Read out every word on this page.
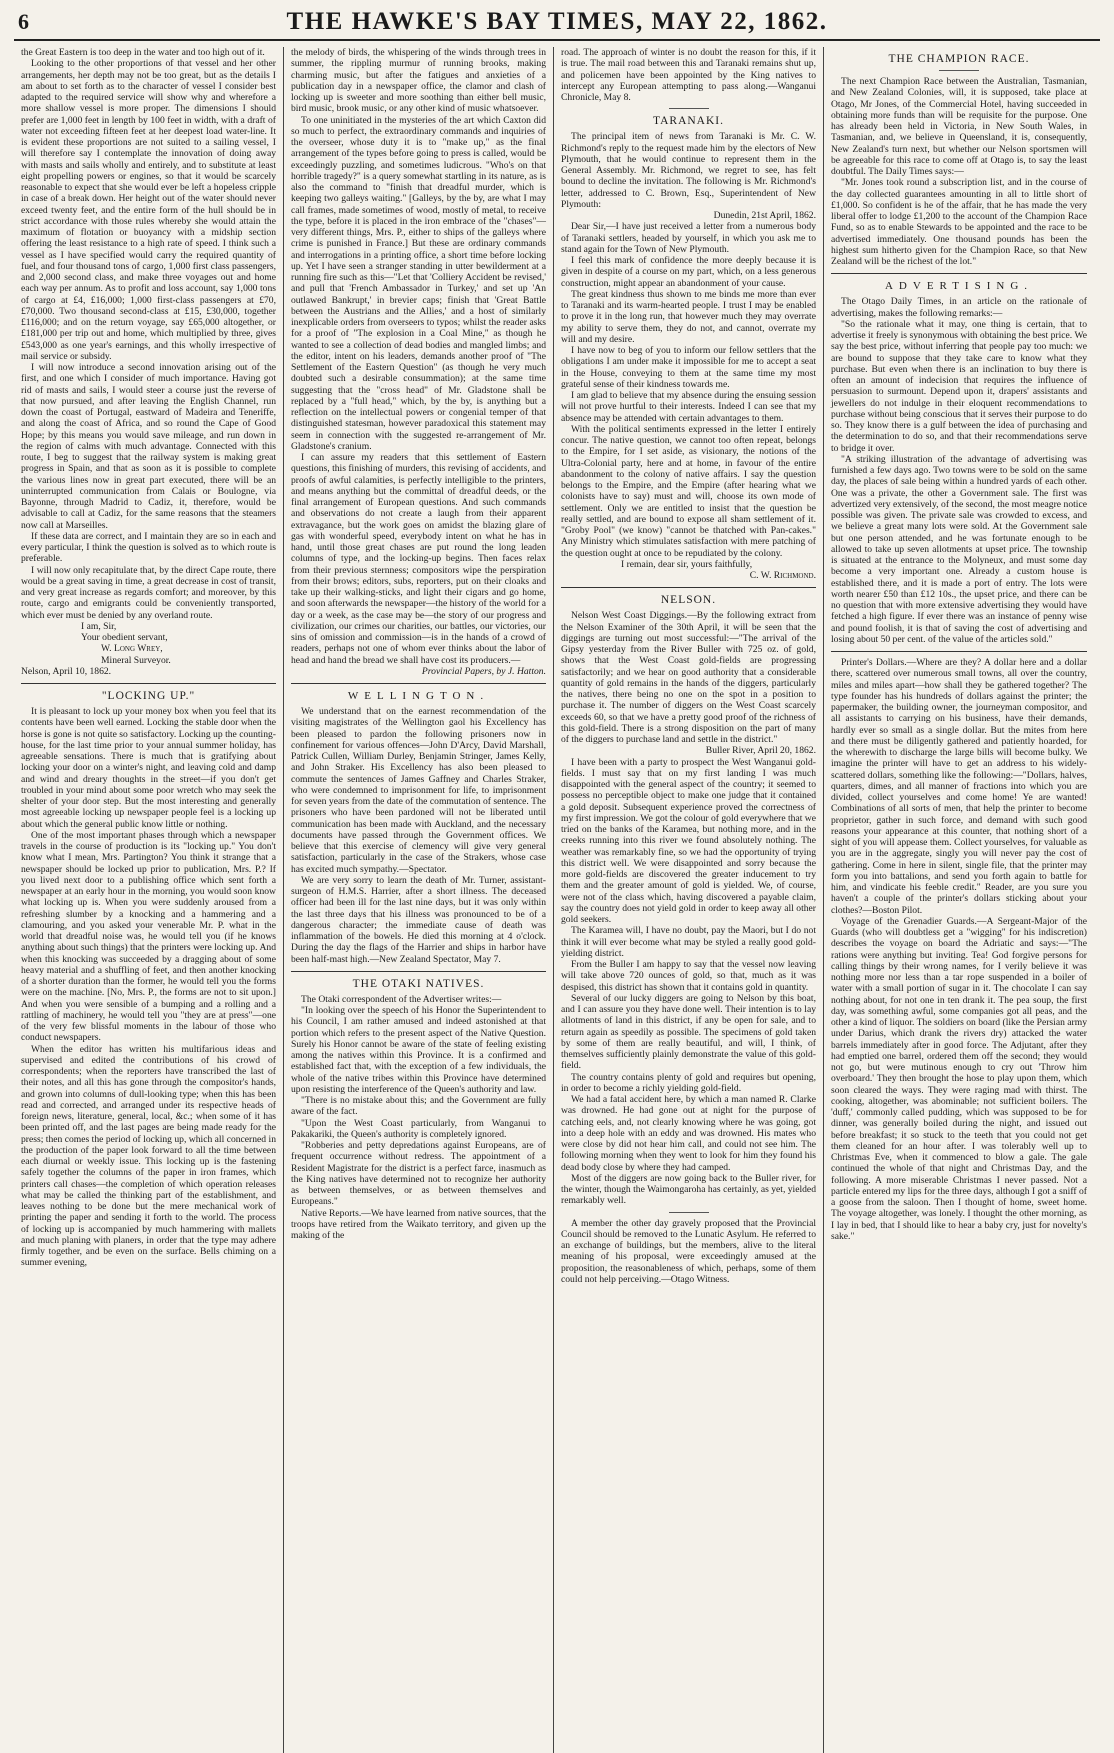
6	THE HAWKE'S BAY TIMES, MAY 22, 1862.

the Great Eastern is too deep in the water and too high out of it.

Looking to the other proportions of that vessel and her other arrangements, her depth may not be too great, but as the details I am about to set forth as to the character of vessel I consider best adapted to the required service will show why and wherefore a more shallow vessel is more proper. The dimensions I should prefer are 1,000 feet in length by 100 feet in width, with a draft of water not exceeding fifteen feet at her deepest load water-line. It is evident these proportions are not suited to a sailing vessel, I will therefore say I contemplate the innovation of doing away with masts and sails wholly and entirely, and to substitute at least eight propelling powers or engines, so that it would be scarcely reasonable to expect that she would ever be left a hopeless cripple in case of a break down. Her height out of the water should never exceed twenty feet, and the entire form of the hull should be in strict accordance with those rules whereby she would attain the maximum of flotation or buoyancy with a midship section offering the least resistance to a high rate of speed. I think such a vessel as I have specified would carry the required quantity of fuel, and four thousand tons of cargo, 1,000 first class passengers, and 2,000 second class, and make three voyages out and home each way per annum. As to profit and loss account, say 1,000 tons of cargo at £4, £16,000; 1,000 first-class passengers at £70, £70,000. Two thousand second-class at £15, £30,000, together £116,000; and on the return voyage, say £65,000 altogether, or £181,000 per trip out and home, which multiplied by three, gives £543,000 as one year's earnings, and this wholly irrespective of mail service or subsidy.

I will now introduce a second innovation arising out of the first, and one which I consider of much importance. Having got rid of masts and sails, I would steer a course just the reverse of that now pursued, and after leaving the English Channel, run down the coast of Portugal, eastward of Madeira and Teneriffe, and along the coast of Africa, and so round the Cape of Good Hope; by this means you would save mileage, and run down in the region of calms with much advantage. Connected with this route, I beg to suggest that the railway system is making great progress in Spain, and that as soon as it is possible to complete the various lines now in great part executed, there will be an uninterrupted communication from Calais or Boulogne, via Bayonne, through Madrid to Cadiz, it, therefore, would be advisable to call at Cadiz, for the same reasons that the steamers now call at Marseilles.

If these data are correct, and I maintain they are so in each and every particular, I think the question is solved as to which route is preferable.

I will now only recapitulate that, by the direct Cape route, there would be a great saving in time, a great decrease in cost of transit, and very great increase as regards comfort; and moreover, by this route, cargo and emigrants could be conveniently transported, which ever must be denied by any overland route.

I am, Sir,

Your obedient servant,

W. Long Wrey,

Mineral Surveyor.

Nelson, April 10, 1862.

"LOCKING UP."

It is pleasant to lock up your money box when you feel that its contents have been well earned. Locking the stable door when the horse is gone is not quite so satisfactory. Locking up the counting-house, for the last time prior to your annual summer holiday, has agreeable sensations. There is much that is gratifying about locking your door on a winter's night, and leaving cold and damp and wind and dreary thoughts in the street—if you don't get troubled in your mind about some poor wretch who may seek the shelter of your door step. But the most interesting and generally most agreeable locking up newspaper people feel is a locking up about which the general public know little or nothing.

One of the most important phases through which a newspaper travels in the course of production is its "locking up." You don't know what I mean, Mrs. Partington? You think it strange that a newspaper should be locked up prior to publication, Mrs. P.? If you lived next door to a publishing office which sent forth a newspaper at an early hour in the morning, you would soon know what locking up is. When you were suddenly aroused from a refreshing slumber by a knocking and a hammering and a clamouring, and you asked your venerable Mr. P. what in the world that dreadful noise was, he would tell you (if he knows anything about such things) that the printers were locking up. And when this knocking was succeeded by a dragging about of some heavy material and a shuffling of feet, and then another knocking of a shorter duration than the former, he would tell you the forms were on the machine. [No, Mrs. P., the forms are not to sit upon.] And when you were sensible of a bumping and a rolling and a rattling of machinery, he would tell you "they are at press"—one of the very few blissful moments in the labour of those who conduct newspapers.

When the editor has written his multifarious ideas and supervised and edited the contributions of his crowd of correspondents; when the reporters have transcribed the last of their notes, and all this has gone through the compositor's hands, and grown into columns of dull-looking type; when this has been read and corrected, and arranged under its respective heads of foreign news, literature, general, local, &c.; when some of it has been printed off, and the last pages are being made ready for the press; then comes the period of locking up, which all concerned in the production of the paper look forward to all the time between each diurnal or weekly issue. This locking up is the fastening safely together the columns of the paper in iron frames, which printers call chases—the completion of which operation releases what may be called the thinking part of the establishment, and leaves nothing to be done but the mere mechanical work of printing the paper and sending it forth to the world. The process of locking up is accompanied by much hammering with mallets and much planing with planers, in order that the type may adhere firmly together, and be even on the surface. Bells chiming on a summer evening,

the melody of birds, the whispering of the winds through trees in summer, the rippling murmur of running brooks, making charming music, but after the fatigues and anxieties of a publication day in a newspaper office, the clamor and clash of locking up is sweeter and more soothing than either bell music, bird music, brook music, or any other kind of music whatsoever.

To one uninitiated in the mysteries of the art which Caxton did so much to perfect, the extraordinary commands and inquiries of the overseer, whose duty it is to "make up," as the final arrangement of the types before going to press is called, would be exceedingly puzzling, and sometimes ludicrous. "Who's on that horrible tragedy?" is a query somewhat startling in its nature, as is also the command to "finish that dreadful murder, which is keeping two galleys waiting." [Galleys, by the by, are what I may call frames, made sometimes of wood, mostly of metal, to receive the type, before it is placed in the iron embrace of the "chases"—very different things, Mrs. P., either to ships of the galleys where crime is punished in France.] But these are ordinary commands and interrogations in a printing office, a short time before locking up. Yet I have seen a stranger standing in utter bewilderment at a running fire such as this—"Let that 'Colliery Accident be revised,' and pull that 'French Ambassador in Turkey,' and set up 'An outlawed Bankrupt,' in brevier caps; finish that 'Great Battle between the Austrians and the Allies,' and a host of similarly inexplicable orders from overseers to typos; whilst the reader asks for a proof of "The explosion in a Coal Mine," as though he wanted to see a collection of dead bodies and mangled limbs; and the editor, intent on his leaders, demands another proof of "The Settlement of the Eastern Question" (as though he very much doubted such a desirable consummation); at the same time suggesting that the "cross head" of Mr. Gladstone shall be replaced by a "full head," which, by the by, is anything but a reflection on the intellectual powers or congenial temper of that distinguished statesman, however paradoxical this statement may seem in connection with the suggested re-arrangement of Mr. Gladstone's cranium.

I can assure my readers that this settlement of Eastern questions, this finishing of murders, this revising of accidents, and proofs of awful calamities, is perfectly intelligible to the printers, and means anything but the committal of dreadful deeds, or the final arrangement of European questions. And such commands and observations do not create a laugh from their apparent extravagance, but the work goes on amidst the blazing glare of gas with wonderful speed, everybody intent on what he has in hand, until those great chases are put round the long leaden columns of type, and the locking-up begins. Then faces relax from their previous sternness; compositors wipe the perspiration from their brows; editors, subs, reporters, put on their cloaks and take up their walking-sticks, and light their cigars and go home, and soon afterwards the newspaper—the history of the world for a day or a week, as the case may be—the story of our progress and civilization, our crimes our charities, our battles, our victories, our sins of omission and commission—is in the hands of a crowd of readers, perhaps not one of whom ever thinks about the labor of head and hand the bread we shall have cost its producers.—

Provincial Papers, by J. Hatton.

WELLINGTON.

We understand that on the earnest recommendation of the visiting magistrates of the Wellington gaol his Excellency has been pleased to pardon the following prisoners now in confinement for various offences—John D'Arcy, David Marshall, Patrick Cullen, William Durley, Benjamin Stringer, James Kelly, and John Straker. His Excellency has also been pleased to commute the sentences of James Gaffney and Charles Straker, who were condemned to imprisonment for life, to imprisonment for seven years from the date of the commutation of sentence. The prisoners who have been pardoned will not be liberated until communication has been made with Auckland, and the necessary documents have passed through the Government offices. We believe that this exercise of clemency will give very general satisfaction, particularly in the case of the Strakers, whose case has excited much sympathy.—Spectator.

We are very sorry to learn the death of Mr. Turner, assistant-surgeon of H.M.S. Harrier, after a short illness. The deceased officer had been ill for the last nine days, but it was only within the last three days that his illness was pronounced to be of a dangerous character; the immediate cause of death was inflammation of the bowels. He died this morning at 4 o'clock. During the day the flags of the Harrier and ships in harbor have been half-mast high.—New Zealand Spectator, May 7.

THE OTAKI NATIVES.

The Otaki correspondent of the Advertiser writes:—

"In looking over the speech of his Honor the Superintendent to his Council, I am rather amused and indeed astonished at that portion which refers to the present aspect of the Native Question. Surely his Honor cannot be aware of the state of feeling existing among the natives within this Province. It is a confirmed and established fact that, with the exception of a few individuals, the whole of the native tribes within this Province have determined upon resisting the interference of the Queen's authority and law.

"There is no mistake about this; and the Government are fully aware of the fact.

"Upon the West Coast particularly, from Wanganui to Pakakariki, the Queen's authority is completely ignored.

"Robberies and petty depredations against Europeans, are of frequent occurrence without redress. The appointment of a Resident Magistrate for the district is a perfect farce, inasmuch as the King natives have determined not to recognize her authority as between themselves, or as between themselves and Europeans."

Native Reports.—We have learned from native sources, that the troops have retired from the Waikato territory, and given up the making of the

road. The approach of winter is no doubt the reason for this, if it is true. The mail road between this and Taranaki remains shut up, and policemen have been appointed by the King natives to intercept any European attempting to pass along.—Wanganui Chronicle, May 8.

TARANAKI.

The principal item of news from Taranaki is Mr. C. W. Richmond's reply to the request made him by the electors of New Plymouth, that he would continue to represent them in the General Assembly. Mr. Richmond, we regret to see, has felt bound to decline the invitation. The following is Mr. Richmond's letter, addressed to C. Brown, Esq., Superintendent of New Plymouth:

Dunedin, 21st April, 1862.

Dear Sir,—I have just received a letter from a numerous body of Taranaki settlers, headed by yourself, in which you ask me to stand again for the Town of New Plymouth.

I feel this mark of confidence the more deeply because it is given in despite of a course on my part, which, on a less generous construction, might appear an abandonment of your cause.

The great kindness thus shown to me binds me more than ever to Taranaki and its warm-hearted people. I trust I may be enabled to prove it in the long run, that however much they may overrate my ability to serve them, they do not, and cannot, overrate my will and my desire.

I have now to beg of you to inform our fellow settlers that the obligations I am under make it impossible for me to accept a seat in the House, conveying to them at the same time my most grateful sense of their kindness towards me.

I am glad to believe that my absence during the ensuing session will not prove hurtful to their interests. Indeed I can see that my absence may be attended with certain advantages to them.

With the political sentiments expressed in the letter I entirely concur. The native question, we cannot too often repeat, belongs to the Empire, for I set aside, as visionary, the notions of the Ultra-Colonial party, here and at home, in favour of the entire abandonment to the colony of native affairs. I say the question belongs to the Empire, and the Empire (after hearing what we colonists have to say) must and will, choose its own mode of settlement. Only we are entitled to insist that the question be really settled, and are bound to expose all sham settlement of it. "Groby Pool" (we know) "cannot be thatched with Pan-cakes." Any Ministry which stimulates satisfaction with mere patching of the question ought at once to be repudiated by the colony.

I remain, dear sir, yours faithfully,

C. W. Richmond.

NELSON.

Nelson West Coast Diggings.—By the following extract from the Nelson Examiner of the 30th April, it will be seen that the diggings are turning out most successful:—"The arrival of the Gipsy yesterday from the River Buller with 725 oz. of gold, shows that the West Coast gold-fields are progressing satisfactorily; and we hear on good authority that a considerable quantity of gold remains in the hands of the diggers, particularly the natives, there being no one on the spot in a position to purchase it. The number of diggers on the West Coast scarcely exceeds 60, so that we have a pretty good proof of the richness of this gold-field. There is a strong disposition on the part of many of the diggers to purchase land and settle in the district."

Buller River, April 20, 1862.

I have been with a party to prospect the West Wanganui gold-fields. I must say that on my first landing I was much disappointed with the general aspect of the country; it seemed to possess no perceptible object to make one judge that it contained a gold deposit. Subsequent experience proved the correctness of my first impression. We got the colour of gold everywhere that we tried on the banks of the Karamea, but nothing more, and in the creeks running into this river we found absolutely nothing. The weather was remarkably fine, so we had the opportunity of trying this district well. We were disappointed and sorry because the more gold-fields are discovered the greater inducement to try them and the greater amount of gold is yielded. We, of course, were not of the class which, having discovered a payable claim, say the country does not yield gold in order to keep away all other gold seekers.

The Karamea will, I have no doubt, pay the Maori, but I do not think it will ever become what may be styled a really good gold-yielding district.

From the Buller I am happy to say that the vessel now leaving will take above 720 ounces of gold, so that, much as it was despised, this district has shown that it contains gold in quantity.

Several of our lucky diggers are going to Nelson by this boat, and I can assure you they have done well. Their intention is to lay allotments of land in this district, if any be open for sale, and to return again as speedily as possible. The specimens of gold taken by some of them are really beautiful, and will, I think, of themselves sufficiently plainly demonstrate the value of this gold-field.

The country contains plenty of gold and requires but opening, in order to become a richly yielding gold-field.

We had a fatal accident here, by which a man named R. Clarke was drowned. He had gone out at night for the purpose of catching eels, and, not clearly knowing where he was going, got into a deep hole with an eddy and was drowned. His mates who were close by did not hear him call, and could not see him. The following morning when they went to look for him they found his dead body close by where they had camped.

Most of the diggers are now going back to the Buller river, for the winter, though the Waimongaroha has certainly, as yet, yielded remarkably well.

A member the other day gravely proposed that the Provincial Council should be removed to the Lunatic Asylum. He referred to an exchange of buildings, but the members, alive to the literal meaning of his proposal, were exceedingly amused at the proposition, the reasonableness of which, perhaps, some of them could not help perceiving.—Otago Witness.

THE CHAMPION RACE.

The next Champion Race between the Australian, Tasmanian, and New Zealand Colonies, will, it is supposed, take place at Otago, Mr Jones, of the Commercial Hotel, having succeeded in obtaining more funds than will be requisite for the purpose. One has already been held in Victoria, in New South Wales, in Tasmanian, and, we believe in Queensland, it is, consequently, New Zealand's turn next, but whether our Nelson sportsmen will be agreeable for this race to come off at Otago is, to say the least doubtful. The Daily Times says:—

"Mr. Jones took round a subscription list, and in the course of the day collected guarantees amounting in all to little short of £1,000. So confident is he of the affair, that he has made the very liberal offer to lodge £1,200 to the account of the Champion Race Fund, so as to enable Stewards to be appointed and the race to be advertised immediately. One thousand pounds has been the highest sum hitherto given for the Champion Race, so that New Zealand will be the richest of the lot."

ADVERTISING.

The Otago Daily Times, in an article on the rationale of advertising, makes the following remarks:—

"So the rationale what it may, one thing is certain, that to advertise it freely is synonymous with obtaining the best price. We say the best price, without inferring that people pay too much: we are bound to suppose that they take care to know what they purchase. But even when there is an inclination to buy there is often an amount of indecision that requires the influence of persuasion to surmount. Depend upon it, drapers' assistants and jewellers do not indulge in their eloquent recommendations to purchase without being conscious that it serves their purpose to do so. They know there is a gulf between the idea of purchasing and the determination to do so, and that their recommendations serve to bridge it over.

"A striking illustration of the advantage of advertising was furnished a few days ago. Two towns were to be sold on the same day, the places of sale being within a hundred yards of each other. One was a private, the other a Government sale. The first was advertized very extensively, of the second, the most meagre notice possible was given. The private sale was crowded to excess, and we believe a great many lots were sold. At the Government sale but one person attended, and he was fortunate enough to be allowed to take up seven allotments at upset price. The township is situated at the entrance to the Molyneux, and must some day become a very important one. Already a custom house is established there, and it is made a port of entry. The lots were worth nearer £50 than £12 10s., the upset price, and there can be no question that with more extensive advertising they would have fetched a high figure. If ever there was an instance of penny wise and pound foolish, it is that of saving the cost of advertising and losing about 50 per cent. of the value of the articles sold."

Printer's Dollars.—Where are they? A dollar here and a dollar there, scattered over numerous small towns, all over the country, miles and miles apart—how shall they be gathered together? The type founder has his hundreds of dollars against the printer; the papermaker, the building owner, the journeyman compositor, and all assistants to carrying on his business, have their demands, hardly ever so small as a single dollar. But the mites from here and there must be diligently gathered and patiently hoarded, for the wherewith to discharge the large bills will become bulky. We imagine the printer will have to get an address to his widely-scattered dollars, something like the following:—"Dollars, halves, quarters, dimes, and all manner of fractions into which you are divided, collect yourselves and come home! Ye are wanted! Combinations of all sorts of men, that help the printer to become proprietor, gather in such force, and demand with such good reasons your appearance at this counter, that nothing short of a sight of you will appease them. Collect yourselves, for valuable as you are in the aggregate, singly you will never pay the cost of gathering. Come in here in silent, single file, that the printer may form you into battalions, and send you forth again to battle for him, and vindicate his feeble credit." Reader, are you sure you haven't a couple of the printer's dollars sticking about your clothes?—Boston Pilot.

Voyage of the Grenadier Guards.—A Sergeant-Major of the Guards (who will doubtless get a "wigging" for his indiscretion) describes the voyage on board the Adriatic and says:—"The rations were anything but inviting. Tea! God forgive persons for calling things by their wrong names, for I verily believe it was nothing more nor less than a tar rope suspended in a boiler of water with a small portion of sugar in it. The chocolate I can say nothing about, for not one in ten drank it. The pea soup, the first day, was something awful, some companies got all peas, and the other a kind of liquor. The soldiers on board (like the Persian army under Darius, which drank the rivers dry) attacked the water barrels immediately after in good force. The Adjutant, after they had emptied one barrel, ordered them off the second; they would not go, but were mutinous enough to cry out 'Throw him overboard.' They then brought the hose to play upon them, which soon cleared the ways. They were raging mad with thirst. The cooking, altogether, was abominable; not sufficient boilers. The 'duff,' commonly called pudding, which was supposed to be for dinner, was generally boiled during the night, and issued out before breakfast; it so stuck to the teeth that you could not get them cleaned for an hour after. I was tolerably well up to Christmas Eve, when it commenced to blow a gale. The gale continued the whole of that night and Christmas Day, and the following. A more miserable Christmas I never passed. Not a particle entered my lips for the three days, although I got a sniff of a goose from the saloon. Then I thought of home, sweet home. The voyage altogether, was lonely. I thought the other morning, as I lay in bed, that I should like to hear a baby cry, just for novelty's sake."
